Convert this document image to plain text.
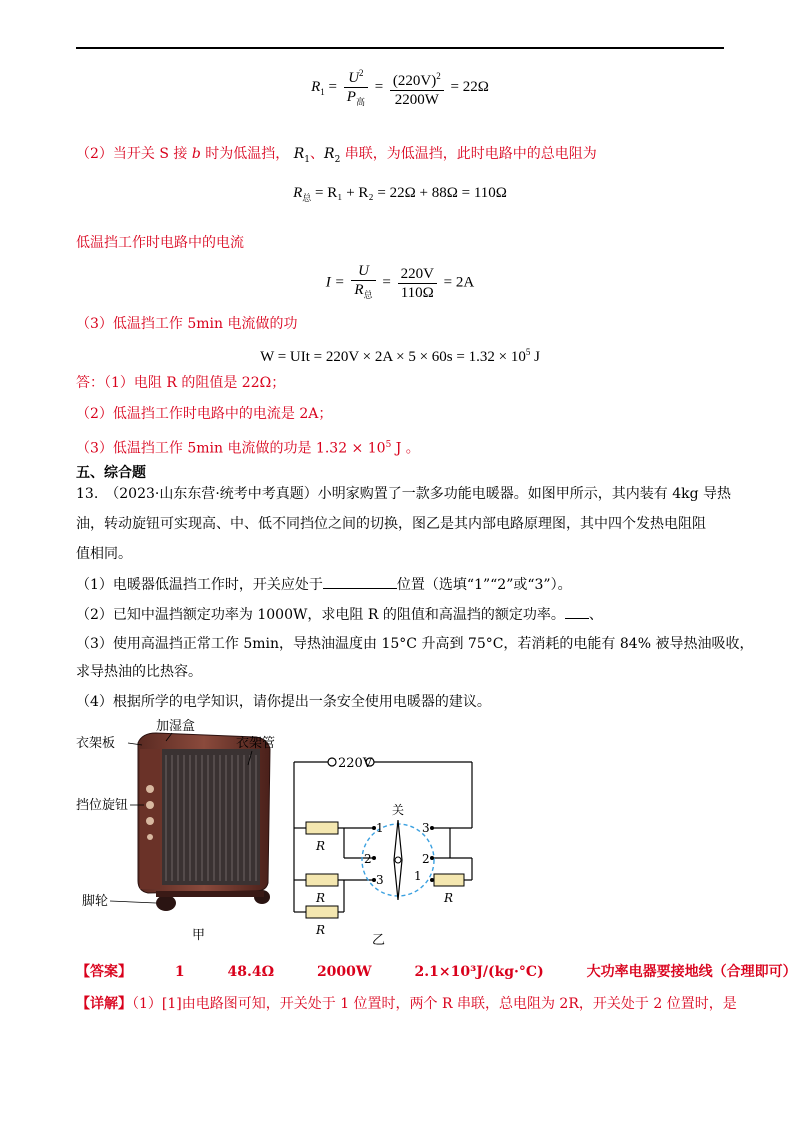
$R_1 = \frac{U^2}{P_高} = \frac{(220V)^2}{2200W} = 22\Omega$
（2）当开关 S 接 b 时为低温挡， $R_1$、$R_2$ 串联，为低温挡，此时电路中的总电阻为
$R_总 = R_1 + R_2 = 22\Omega + 88\Omega = 110\Omega$
低温挡工作时电路中的电流
$I = \frac{U}{R_总} = \frac{220V}{110\Omega} = 2A$
（3）低温挡工作 5min 电流做的功
W = UIt = $220V \times 2A \times 5 \times 60s = 1.32 \times 10^5$ J
答：（1）电阻 R 的阻值是 22Ω；
（2）低温挡工作时电路中的电流是 2A；
（3）低温挡工作 5min 电流做的功是 $1.32 \times 10^5$ J 。
五、综合题
13.　（2023·山东东营·统考中考真题）小明家购置了一款多功能电暖器。如图甲所示，其内装有 4kg 导热
油，转动旋钮可实现高、中、低不同挡位之间的切换，图乙是其内部电路原理图，其中四个发热电阻阻
值相同。
（1）电暖器低温挡工作时，开关应处于	位置（选填“1”“2”或“3”）。
（2）已知中温挡额定功率为 1000W，求电阻 R 的阻值和高温挡的额定功率。 、
（3）使用高温挡正常工作 5min，导热油温度由 15°C 升高到 75°C，若消耗的电能有 84% 被导热油吸收，
求导热油的比热容。
（4）根据所学的电学知识，请你提出一条安全使用电暖器的建议。
加湿盒
衣架板	衣架管
挡位旋钮
脚轮
甲
220V
R
R
R
R
关
1
2
3
3
2
1
乙
【答案】	1	48.4Ω	2000W	2.1×10³J/(kg·°C)	大功率电器要接地线（合理即可）
【详解】（1）[1]由电路图可知，开关处于 1 位置时，两个 R 串联，总电阻为 2R，开关处于 2 位置时，是
